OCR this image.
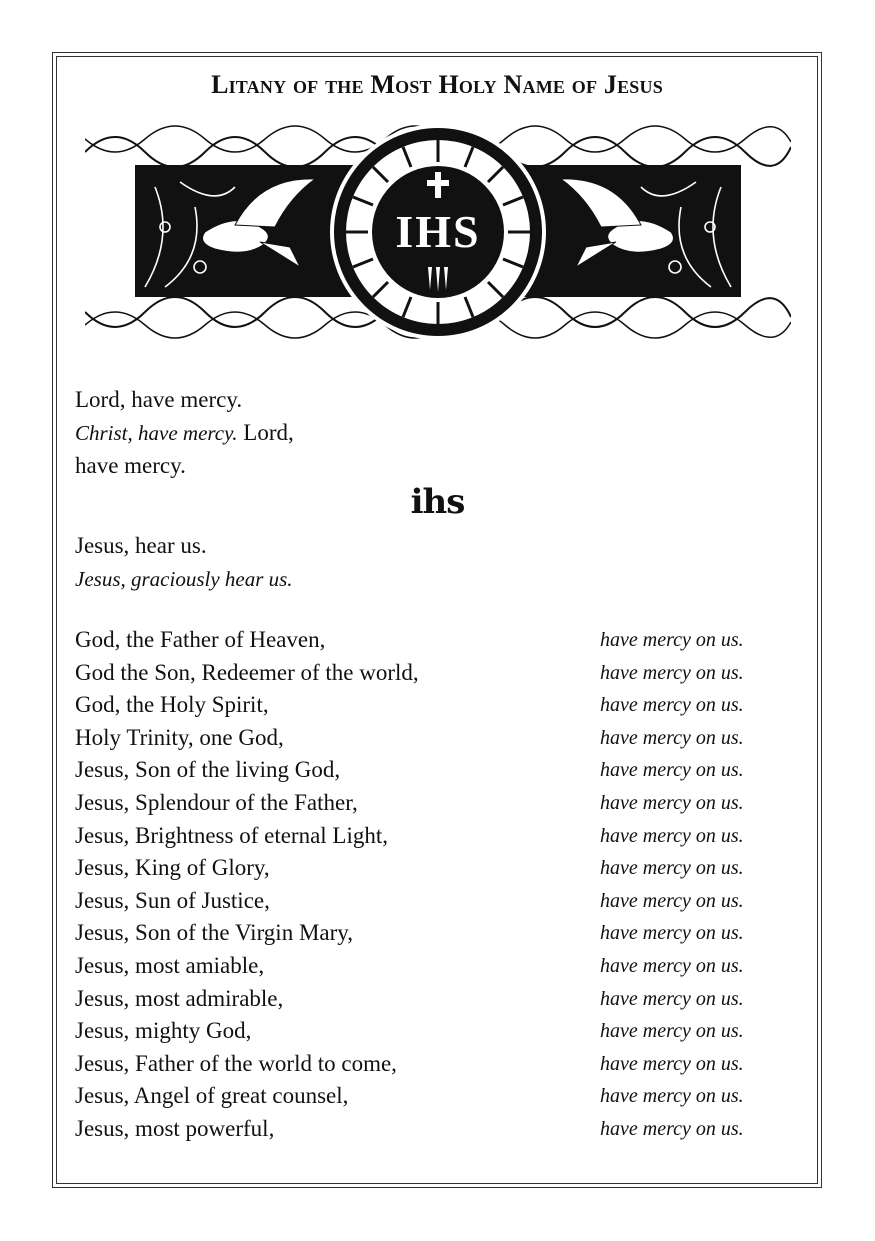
Litany of the Most Holy Name of Jesus
IHS
Lord, have mercy.
Christ, have mercy. Lord,
have mercy.
ihs
Jesus, hear us.
Jesus, graciously hear us.
God, the Father of Heaven,	have mercy on us.
God the Son, Redeemer of the world,	have mercy on us.
God, the Holy Spirit,	have mercy on us.
Holy Trinity, one God,	have mercy on us.
Jesus, Son of the living God,	have mercy on us.
Jesus, Splendour of the Father,	have mercy on us.
Jesus, Brightness of eternal Light,	have mercy on us.
Jesus, King of Glory,	have mercy on us.
Jesus, Sun of Justice,	have mercy on us.
Jesus, Son of the Virgin Mary,	have mercy on us.
Jesus, most amiable,	have mercy on us.
Jesus, most admirable,	have mercy on us.
Jesus, mighty God,	have mercy on us.
Jesus, Father of the world to come,	have mercy on us.
Jesus, Angel of great counsel,	have mercy on us.
Jesus, most powerful,	have mercy on us.
